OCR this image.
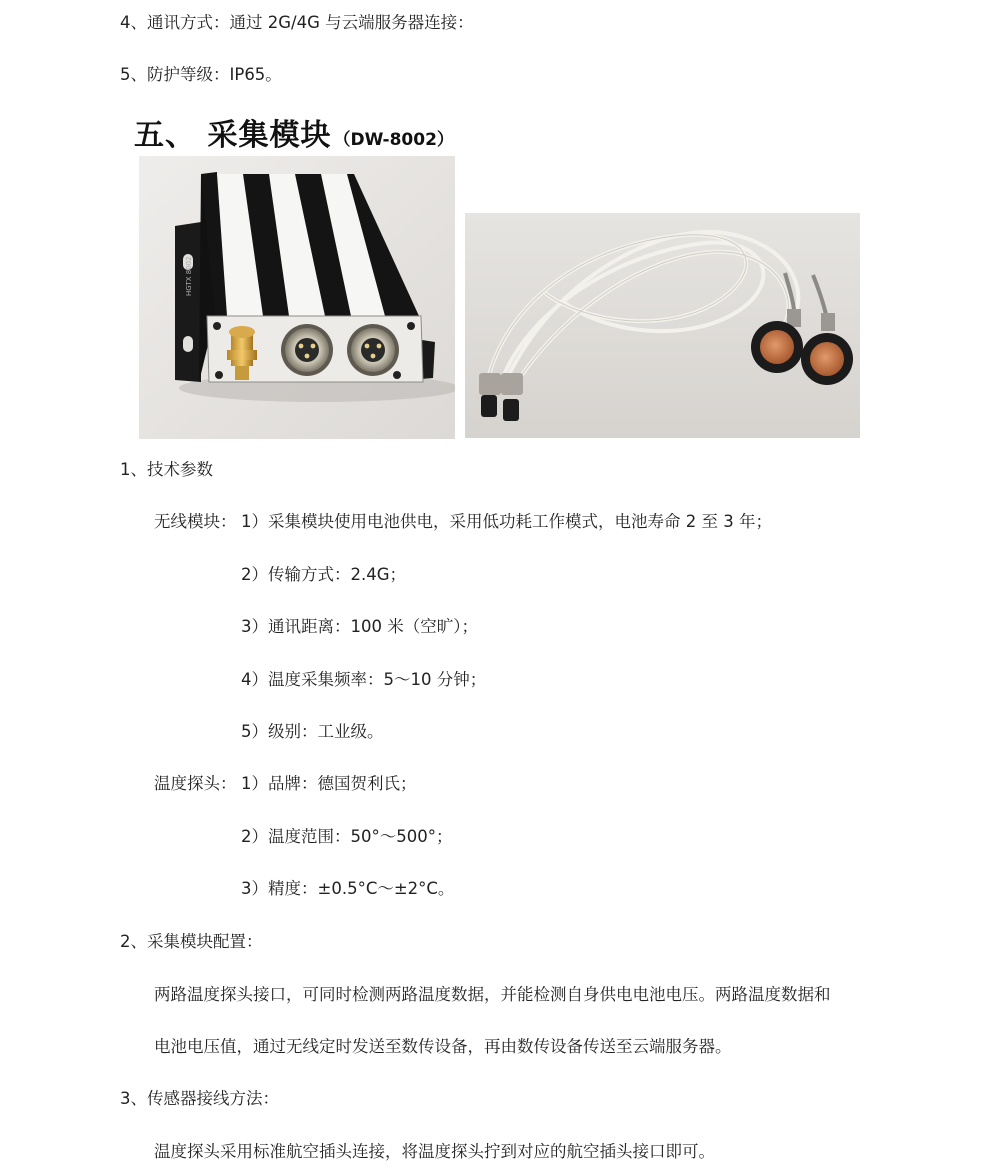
4、通讯方式：通过 2G/4G 与云端服务器连接：
5、防护等级：IP65。
五、 采集模块 （DW-8002）
HGTX 8002
1、技术参数
无线模块： 1）采集模块使用电池供电，采用低功耗工作模式，电池寿命 2 至 3 年；
2）传输方式：2.4G；
3）通讯距离：100 米（空旷）；
4）温度采集频率：5～10 分钟；
5）级别：工业级。
温度探头： 1）品牌：德国贺利氏；
2）温度范围：50°～500°；
3）精度：±0.5°C～±2°C。
2、采集模块配置：
两路温度探头接口，可同时检测两路温度数据，并能检测自身供电电池电压。两路温度数据和
电池电压值，通过无线定时发送至数传设备，再由数传设备传送至云端服务器。
3、传感器接线方法：
温度探头采用标准航空插头连接，将温度探头拧到对应的航空插头接口即可。
